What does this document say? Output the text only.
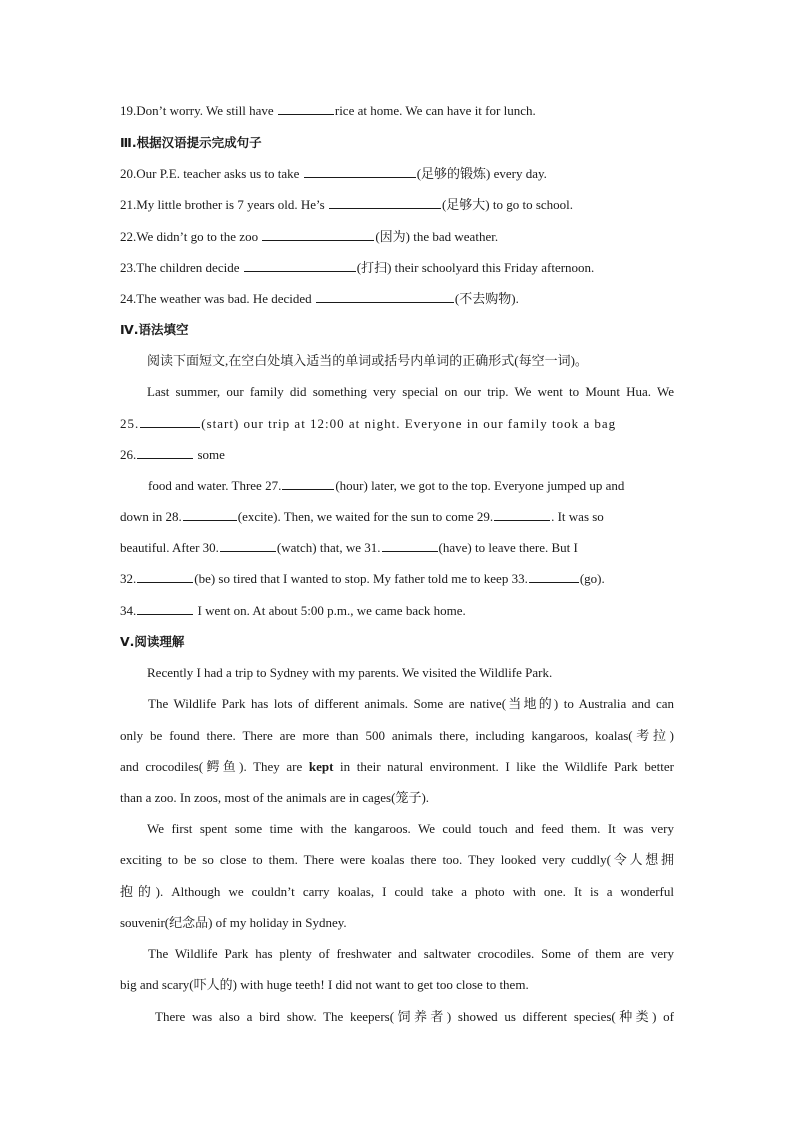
19.Don’t worry. We still have	rice at home. We can have it for lunch.
Ⅲ.根据汉语提示完成句子
20.Our P.E. teacher asks us to take	(足够的锻炼) every day.
21.My little brother is 7 years old. He’s	(足够大) to go to school.
22.We didn’t go to the zoo	(因为) the bad weather.
23.The children decide	(打扫) their schoolyard this Friday afternoon.
24.The weather was bad. He decided	(不去购物).
Ⅳ.语法填空
阅读下面短文,在空白处填入适当的单词或括号内单词的正确形式(每空一词)。
Last summer, our family did something very special on our trip. We went to Mount Hua. We
25.	(start) our trip at 12:00 at night. Everyone in our family took a bag
26.	some
food and water. Three 27.	(hour) later, we got to the top. Everyone jumped up and
down in 28.	(excite). Then, we waited for the sun to come 29.	. It was so
beautiful. After 30.	(watch) that, we 31.	(have) to leave there. But I
32.	(be) so tired that I wanted to stop. My father told me to keep 33.	(go).
34.	I went on. At about 5:00 p.m., we came back home.
Ⅴ.阅读理解
Recently I had a trip to Sydney with my parents. We visited the Wildlife Park.
The Wildlife Park has lots of different animals. Some are native(当地的) to Australia and can
only be found there. There are more than 500 animals there, including kangaroos, koalas(考拉)
and crocodiles(鳄鱼). They are kept in their natural environment. I like the Wildlife Park better
than a zoo. In zoos, most of the animals are in cages(笼子).
We first spent some time with the kangaroos. We could touch and feed them. It was very
exciting to be so close to them. There were koalas there too. They looked very cuddly(令人想拥
抱的). Although we couldn’t carry koalas, I could take a photo with one. It is a wonderful
souvenir(纪念品) of my holiday in Sydney.
The Wildlife Park has plenty of freshwater and saltwater crocodiles. Some of them are very
big and scary(吓人的) with huge teeth! I did not want to get too close to them.
There was also a bird show. The keepers(饲养者) showed us different species(种类) of
